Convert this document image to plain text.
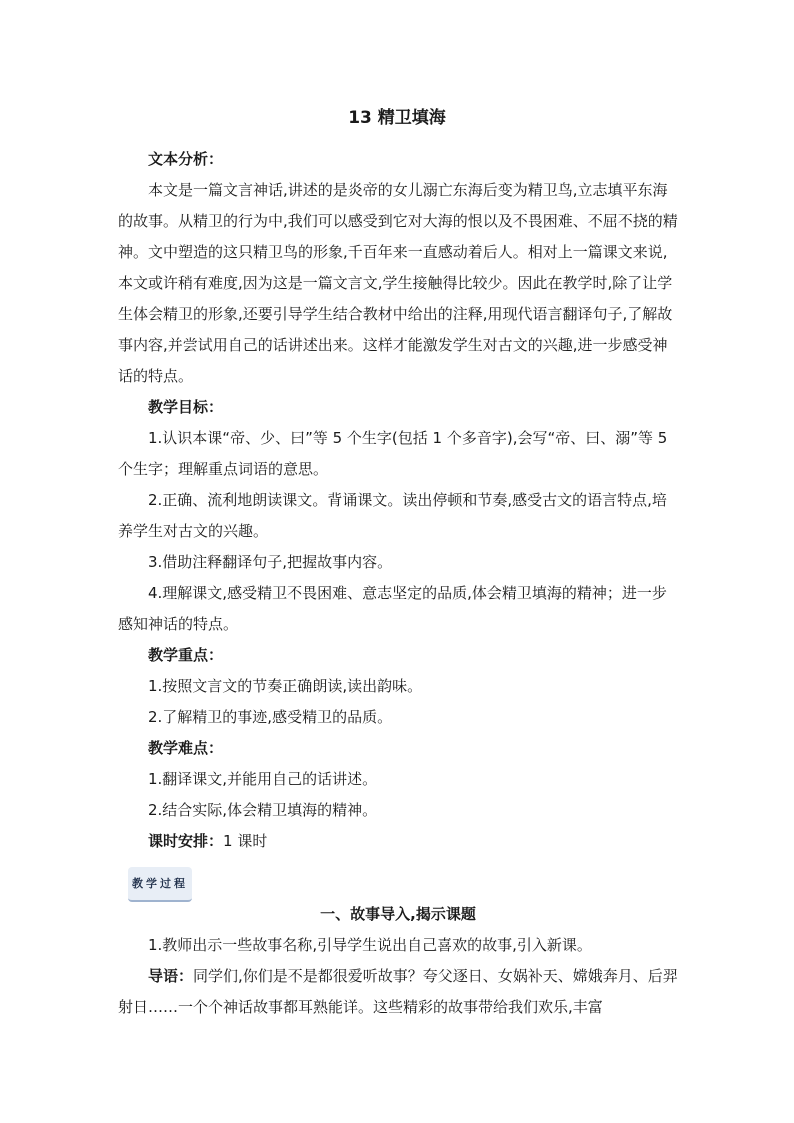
13 精卫填海

文本分析：

本文是一篇文言神话,讲述的是炎帝的女儿溺亡东海后变为精卫鸟,立志填平东海的故事。从精卫的行为中,我们可以感受到它对大海的恨以及不畏困难、不屈不挠的精神。文中塑造的这只精卫鸟的形象,千百年来一直感动着后人。相对上一篇课文来说,本文或许稍有难度,因为这是一篇文言文,学生接触得比较少。因此在教学时,除了让学生体会精卫的形象,还要引导学生结合教材中给出的注释,用现代语言翻译句子,了解故事内容,并尝试用自己的话讲述出来。这样才能激发学生对古文的兴趣,进一步感受神话的特点。

教学目标：

1.认识本课“帝、少、曰”等 5 个生字(包括 1 个多音字),会写“帝、曰、溺”等 5 个生字；理解重点词语的意思。

2.正确、流利地朗读课文。背诵课文。读出停顿和节奏,感受古文的语言特点,培养学生对古文的兴趣。

3.借助注释翻译句子,把握故事内容。

4.理解课文,感受精卫不畏困难、意志坚定的品质,体会精卫填海的精神；进一步感知神话的特点。

教学重点：

1.按照文言文的节奏正确朗读,读出韵味。

2.了解精卫的事迹,感受精卫的品质。

教学难点：

1.翻译课文,并能用自己的话讲述。

2.结合实际,体会精卫填海的精神。

课时安排：1 课时

教学过程

一、故事导入,揭示课题

1.教师出示一些故事名称,引导学生说出自己喜欢的故事,引入新课。

导语：同学们,你们是不是都很爱听故事？夸父逐日、女娲补天、嫦娥奔月、后羿射日……一个个神话故事都耳熟能详。这些精彩的故事带给我们欢乐,丰富
